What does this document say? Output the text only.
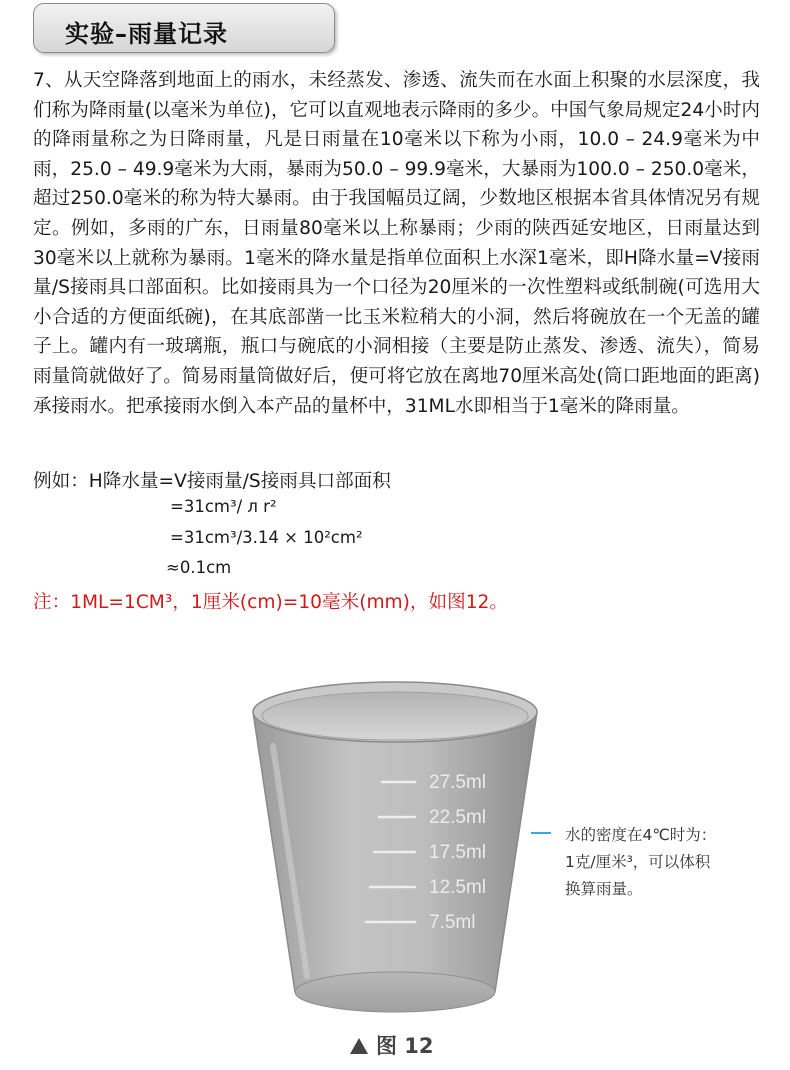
实验–雨量记录

7、从天空降落到地面上的雨水，未经蒸发、渗透、流失而在水面上积聚的水层深度，我们称为降雨量(以毫米为单位)，它可以直观地表示降雨的多少。中国气象局规定24小时内的降雨量称之为日降雨量，凡是日雨量在10毫米以下称为小雨，10.0 – 24.9毫米为中雨，25.0 – 49.9毫米为大雨，暴雨为50.0 – 99.9毫米，大暴雨为100.0 – 250.0毫米，超过250.0毫米的称为特大暴雨。由于我国幅员辽阔，少数地区根据本省具体情况另有规定。例如，多雨的广东，日雨量80毫米以上称暴雨；少雨的陕西延安地区，日雨量达到30毫米以上就称为暴雨。1毫米的降水量是指单位面积上水深1毫米，即H降水量=V接雨量/S接雨具口部面积。比如接雨具为一个口径为20厘米的一次性塑料或纸制碗(可选用大小合适的方便面纸碗)，在其底部凿一比玉米粒稍大的小洞，然后将碗放在一个无盖的罐子上。罐内有一玻璃瓶，瓶口与碗底的小洞相接（主要是防止蒸发、渗透、流失），简易雨量筒就做好了。简易雨量筒做好后，便可将它放在离地70厘米高处(筒口距地面的距离)承接雨水。把承接雨水倒入本产品的量杯中，31ML水即相当于1毫米的降雨量。

例如：H降水量=V接雨量/S接雨具口部面积
=31cm³/ л r²
=31cm³/3.14 × 10²cm²
≈0.1cm
注：1ML=1CM³，1厘米(cm)=10毫米(mm)，如图12。
27.5ml
22.5ml
17.5ml
12.5ml
7.5ml
水的密度在4℃时为：
1克/厘米³，可以体积
换算雨量。
图 12
